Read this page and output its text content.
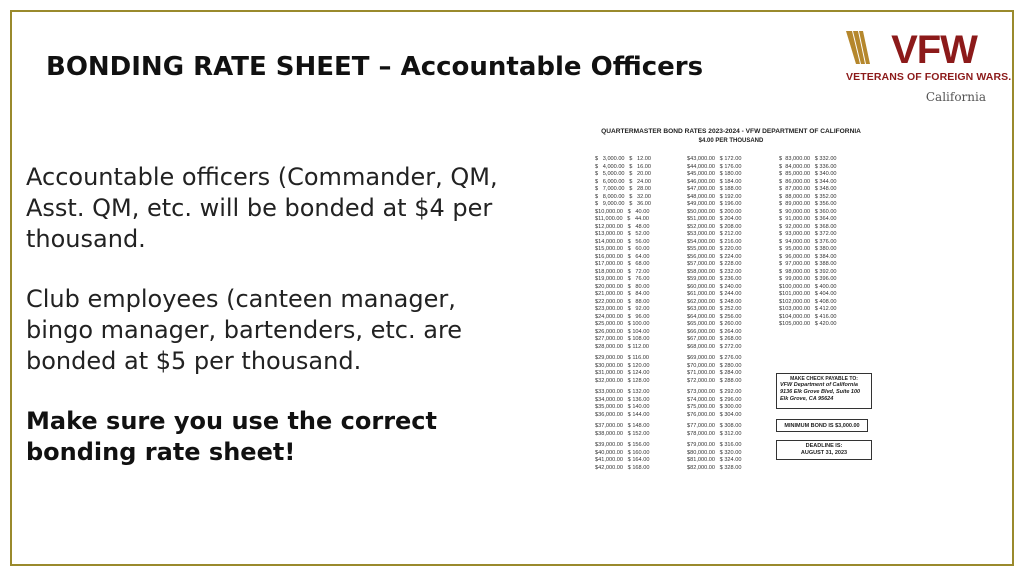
BONDING RATE SHEET – Accountable Officers	VFW
VETERANS OF FOREIGN WARS.
California

Accountable officers (Commander, QM, Asst. QM, etc. will be bonded at $4 per thousand.

Club employees (canteen manager, bingo manager, bartenders, etc. are bonded at $5 per thousand.

Make sure you use the correct bonding rate sheet!

QUARTERMASTER BOND RATES 2023-2024 - VFW DEPARTMENT OF CALIFORNIA
$4.00 PER THOUSAND
$   3,000.00   $   12.00
$   4,000.00   $   16.00
$   5,000.00   $   20.00
$   6,000.00   $   24.00
$   7,000.00   $   28.00
$   8,000.00   $   32.00
$   9,000.00   $   36.00
$10,000.00   $   40.00
$11,000.00   $   44.00
$12,000.00   $   48.00
$13,000.00   $   52.00
$14,000.00   $   56.00
$15,000.00   $   60.00
$16,000.00   $   64.00
$17,000.00   $   68.00
$18,000.00   $   72.00
$19,000.00   $   76.00
$20,000.00   $   80.00
$21,000.00   $   84.00
$22,000.00   $   88.00
$23,000.00   $   92.00
$24,000.00   $   96.00
$25,000.00   $ 100.00
$26,000.00   $ 104.00
$27,000.00   $ 108.00
$28,000.00   $ 112.00
$29,000.00   $ 116.00
$30,000.00   $ 120.00
$31,000.00   $ 124.00
$32,000.00   $ 128.00
$33,000.00   $ 132.00
$34,000.00   $ 136.00
$35,000.00   $ 140.00
$36,000.00   $ 144.00
$37,000.00   $ 148.00
$38,000.00   $ 152.00
$39,000.00   $ 156.00
$40,000.00   $ 160.00
$41,000.00   $ 164.00
$42,000.00   $ 168.00
$43,000.00   $ 172.00
$44,000.00   $ 176.00
$45,000.00   $ 180.00
$46,000.00   $ 184.00
$47,000.00   $ 188.00
$48,000.00   $ 192.00
$49,000.00   $ 196.00
$50,000.00   $ 200.00
$51,000.00   $ 204.00
$52,000.00   $ 208.00
$53,000.00   $ 212.00
$54,000.00   $ 216.00
$55,000.00   $ 220.00
$56,000.00   $ 224.00
$57,000.00   $ 228.00
$58,000.00   $ 232.00
$59,000.00   $ 236.00
$60,000.00   $ 240.00
$61,000.00   $ 244.00
$62,000.00   $ 248.00
$63,000.00   $ 252.00
$64,000.00   $ 256.00
$65,000.00   $ 260.00
$66,000.00   $ 264.00
$67,000.00   $ 268.00
$68,000.00   $ 272.00
$69,000.00   $ 276.00
$70,000.00   $ 280.00
$71,000.00   $ 284.00
$72,000.00   $ 288.00
$73,000.00   $ 292.00
$74,000.00   $ 296.00
$75,000.00   $ 300.00
$76,000.00   $ 304.00
$77,000.00   $ 308.00
$78,000.00   $ 312.00
$79,000.00   $ 316.00
$80,000.00   $ 320.00
$81,000.00   $ 324.00
$82,000.00   $ 328.00
$  83,000.00   $ 332.00
$  84,000.00   $ 336.00
$  85,000.00   $ 340.00
$  86,000.00   $ 344.00
$  87,000.00   $ 348.00
$  88,000.00   $ 352.00
$  89,000.00   $ 356.00
$  90,000.00   $ 360.00
$  91,000.00   $ 364.00
$  92,000.00   $ 368.00
$  93,000.00   $ 372.00
$  94,000.00   $ 376.00
$  95,000.00   $ 380.00
$  96,000.00   $ 384.00
$  97,000.00   $ 388.00
$  98,000.00   $ 392.00
$  99,000.00   $ 396.00
$100,000.00   $ 400.00
$101,000.00   $ 404.00
$102,000.00   $ 408.00
$103,000.00   $ 412.00
$104,000.00   $ 416.00
$105,000.00   $ 420.00
MAKE CHECK PAYABLE TO:
VFW Department of California
9136 Elk Grove Blvd, Suite 100
Elk Grove, CA 95624
MINIMUM BOND IS $3,000.00
DEADLINE IS:
AUGUST 31, 2023
